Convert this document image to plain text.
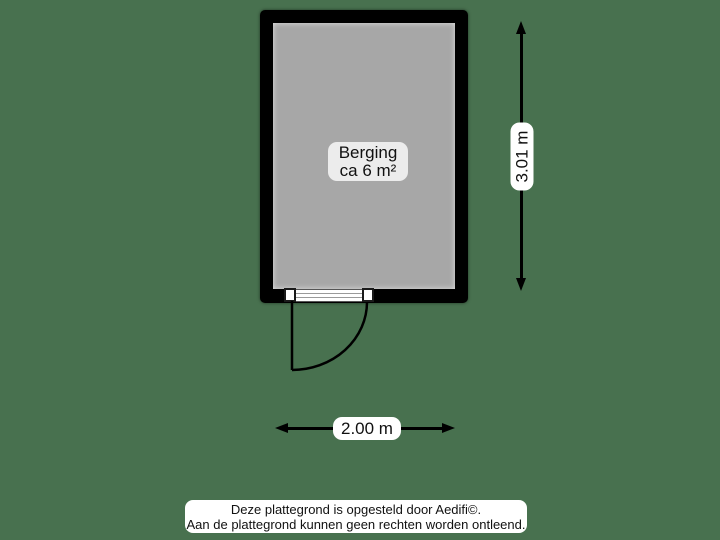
Berging
ca 6 m²	3.01 m
2.00 m
Deze plattegrond is opgesteld door Aedifi©.
Aan de plattegrond kunnen geen rechten worden ontleend.
